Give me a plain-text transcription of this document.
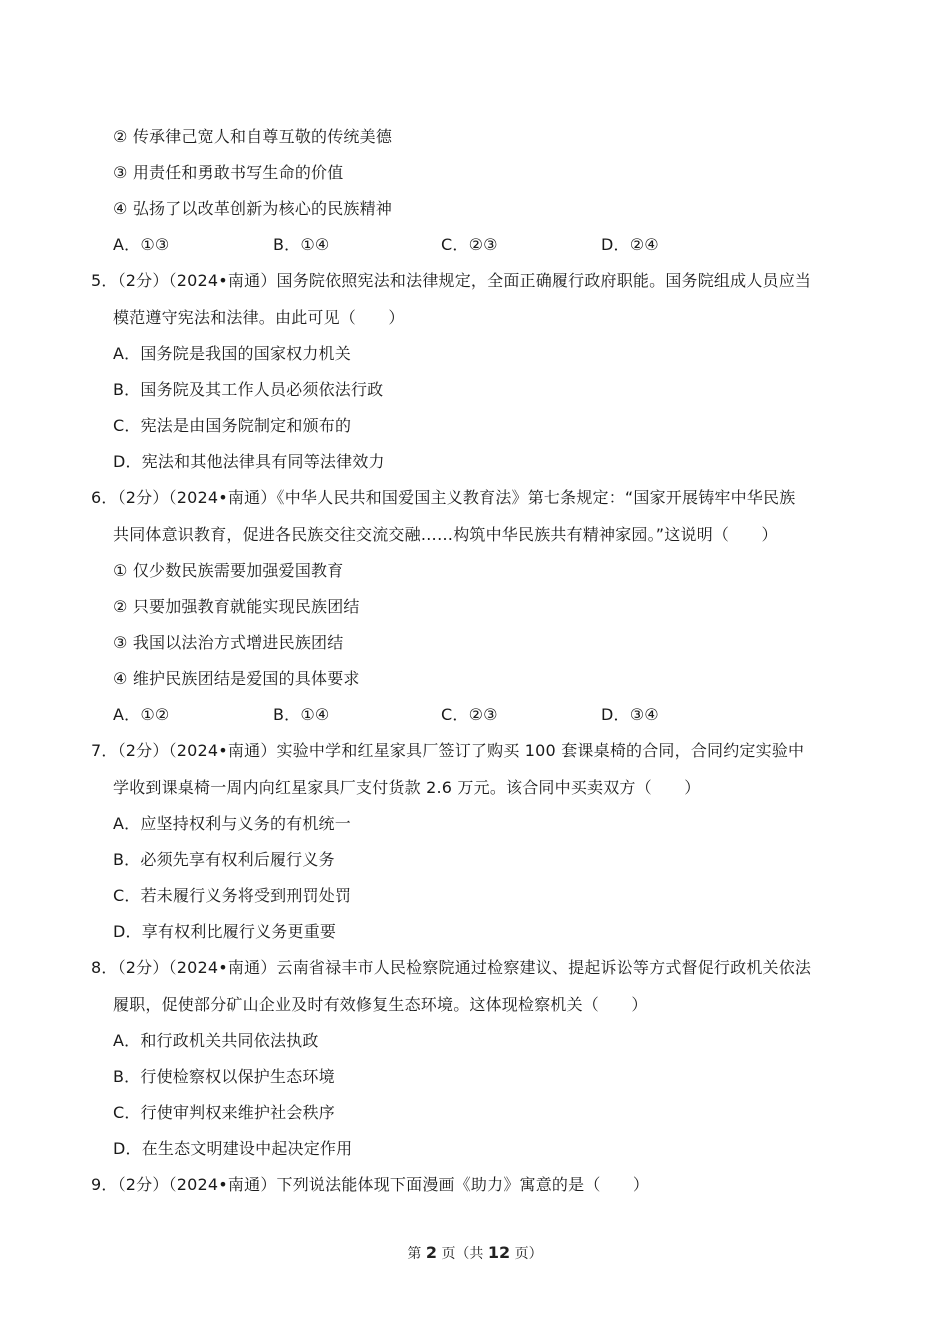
② 传承律己宽人和自尊互敬的传统美德
③ 用责任和勇敢书写生命的价值
④ 弘扬了以改革创新为核心的民族精神
A．①③	B．①④	C．②③	D．②④
5．（2分）（2024•南通）国务院依照宪法和法律规定，全面正确履行政府职能。国务院组成人员应当
模范遵守宪法和法律。由此可见（　　）
A．国务院是我国的国家权力机关
B．国务院及其工作人员必须依法行政
C．宪法是由国务院制定和颁布的
D．宪法和其他法律具有同等法律效力
6．（2分）（2024•南通）《中华人民共和国爱国主义教育法》第七条规定：“国家开展铸牢中华民族
共同体意识教育，促进各民族交往交流交融……构筑中华民族共有精神家园。”这说明（　　）
① 仅少数民族需要加强爱国教育
② 只要加强教育就能实现民族团结
③ 我国以法治方式增进民族团结
④ 维护民族团结是爱国的具体要求
A．①②	B．①④	C．②③	D．③④
7．（2分）（2024•南通）实验中学和红星家具厂签订了购买 100 套课桌椅的合同，合同约定实验中
学收到课桌椅一周内向红星家具厂支付货款 2.6 万元。该合同中买卖双方（　　）
A．应坚持权利与义务的有机统一
B．必须先享有权利后履行义务
C．若未履行义务将受到刑罚处罚
D．享有权利比履行义务更重要
8．（2分）（2024•南通）云南省禄丰市人民检察院通过检察建议、提起诉讼等方式督促行政机关依法
履职，促使部分矿山企业及时有效修复生态环境。这体现检察机关（　　）
A．和行政机关共同依法执政
B．行使检察权以保护生态环境
C．行使审判权来维护社会秩序
D．在生态文明建设中起决定作用
9．（2分）（2024•南通）下列说法能体现下面漫画《助力》寓意的是（　　）
第 2 页（共 12 页）
